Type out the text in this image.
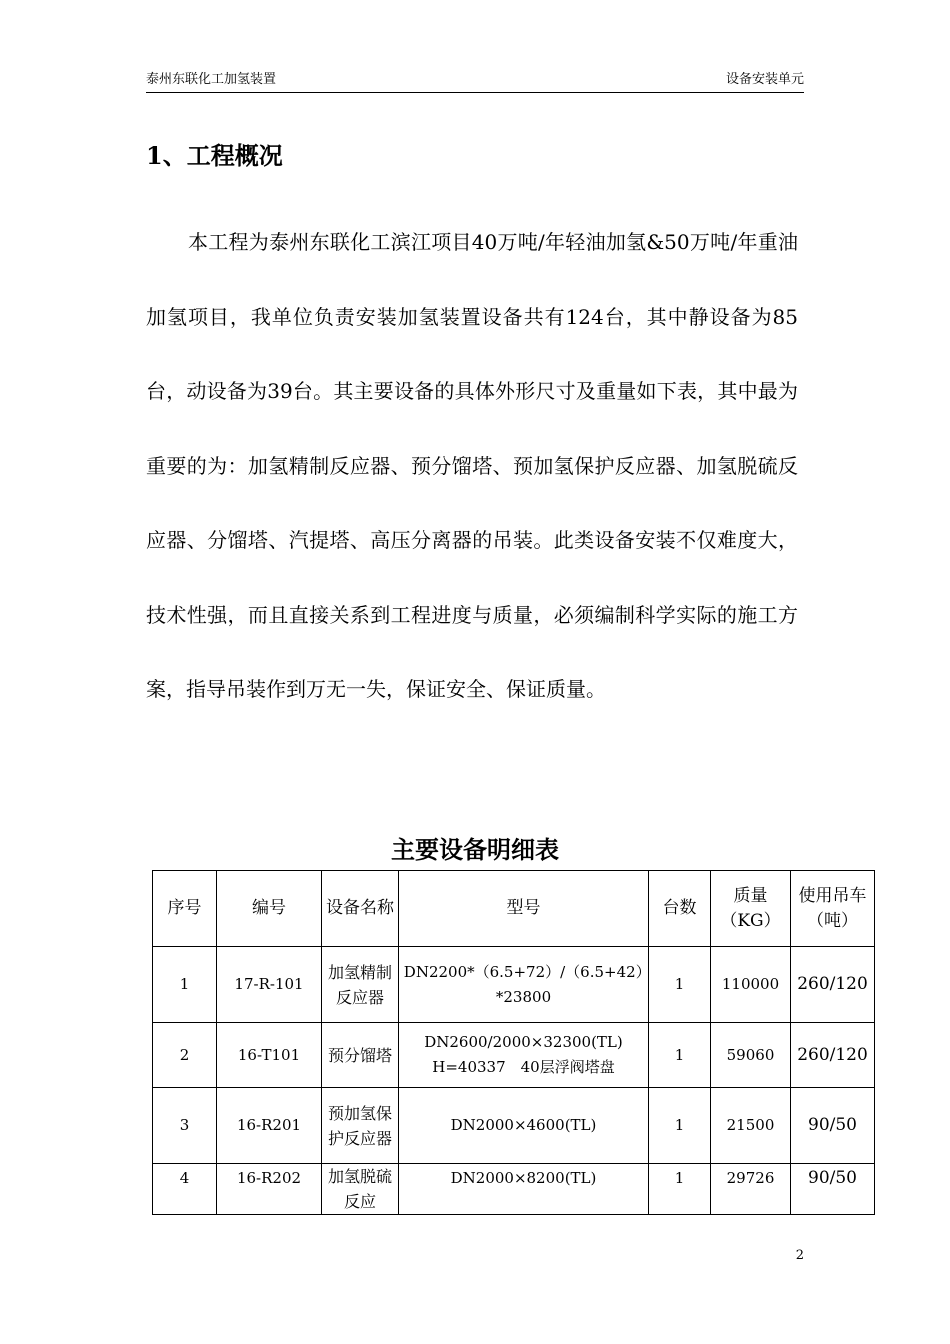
泰州东联化工加氢装置	设备安装单元
1、工程概况

本工程为泰州东联化工滨江项目40万吨/年轻油加氢&50万吨/年重油加氢项目，我单位负责安装加氢装置设备共有124台，其中静设备为85台，动设备为39台。其主要设备的具体外形尺寸及重量如下表，其中最为重要的为：加氢精制反应器、预分馏塔、预加氢保护反应器、加氢脱硫反应器、分馏塔、汽提塔、高压分离器的吊装。此类设备安装不仅难度大，技术性强，而且直接关系到工程进度与质量，必须编制科学实际的施工方案，指导吊装作到万无一失，保证安全、保证质量。

主要设备明细表
序号	编号	设备名称	型号	台数	质量（KG）	使用吊车（吨）
1	17-R-101	加氢精制反应器	DN2200*（6.5+72）/（6.5+42）*23800	1	110000	260/120
2	16-T101	预分馏塔	DN2600/2000×32300(TL) H=40337　40层浮阀塔盘	1	59060	260/120
3	16-R201	预加氢保护反应器	DN2000×4600(TL)	1	21500	90/50
4	16-R202	加氢脱硫反应	DN2000×8200(TL)	1	29726	90/50
2
